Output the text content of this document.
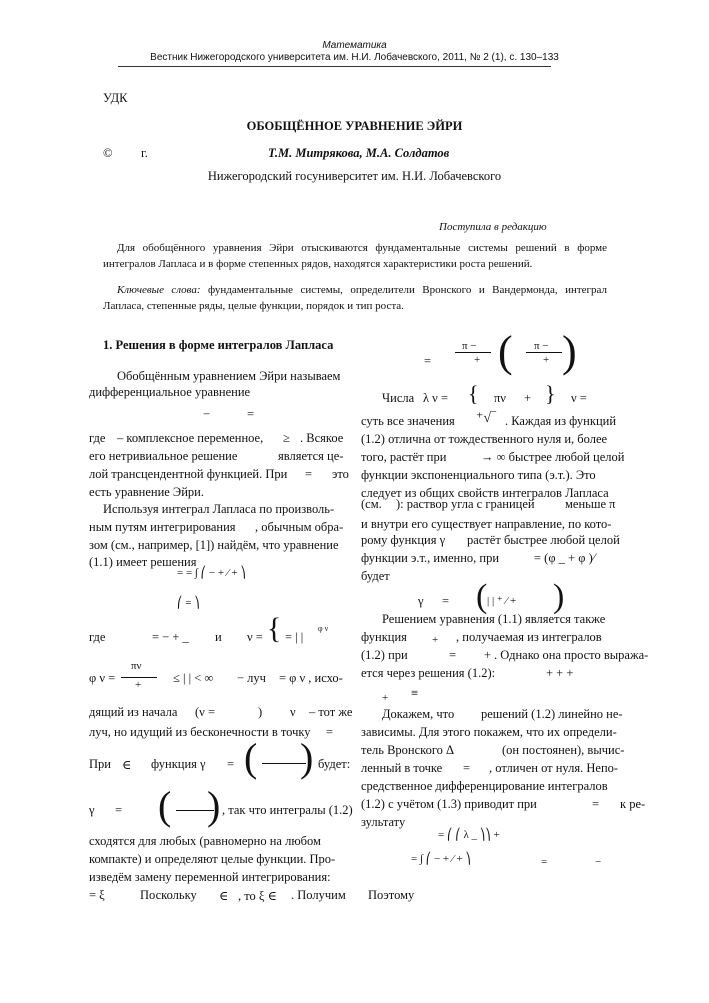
Математика
Вестник Нижегородского университета им. Н.И. Лобачевского, 2011, № 2 (1), с. 130–133
УДК
ОБОБЩЁННОЕ УРАВНЕНИЕ ЭЙРИ
© г.	Т.М. Митрякова, М.А. Солдатов
Нижегородский госуниверситет им. Н.И. Лобачевского
Поступила в редакцию
Для обобщённого уравнения Эйри отыскиваются фундаментальные системы решений в форме интегралов Лапласа и в форме степенных рядов, находятся характеристики роста решений.
Ключевые слова: фундаментальные системы, определители Вронского и Вандермонда, интеграл Лапласа, степенные ряды, целые функции, порядок и тип роста.
1. Решения в форме интегралов Лапласа
Обобщённым уравнением Эйри называем
дифференциальное уравнение
−	=
где – комплексное переменное, ≥ . Всякое
его нетривиальное решение	является це-
лой трансцендентной функцией. При = это
есть уравнение Эйри.
Используя интеграл Лапласа по произволь-
ным путям интегрирования , обычным обра-
зом (см., например, [1]) найдём, что уравнение
(1.1) имеет решения
= = ∫ ⎛ − + ⁄ + ⎞
⎛ = ⎞
где	= − + _ и ν = { = | |
φ ν
φ ν =
πν
+	≤ | | < ∞ − луч = φ ν , исхо-
дящий из начала (ν =	) ν – тот же
луч, но идущий из бесконечности в точку =
При ∈ функция γ = ( ) будет:
γ = ( ) , так что интегралы (1.2)
сходятся для любых (равномерно на любом
компакте) и определяют целые функции. Про-
изведём замену переменной интегрирования:
= ξ	Поскольку ∈ , то ξ ∈ . Получим
π −	π −
=	+	+
( )
Числа λ ν = { πν + } ν =
суть все значения ⁺√‾ . Каждая из функций
(1.2) отлична от тождественного нуля и, более
того, растёт при	→ ∞ быстрее любой целой
функции экспоненциального типа (э.т.). Это
следует из общих свойств интегралов Лапласа
(см. ): раствор угла с границей меньше π
и внутри его существует направление, по кото-
рому функция γ растёт быстрее любой целой
функции э.т., именно, при	= (φ _ + φ )⁄
будет
γ = ( | | ⁺ ⁄ + )
Решением уравнения (1.1) является также
функция + , получаемая из интегралов
(1.2) при	= + . Однако она просто выража-
ется через решения (1.2):	+ + +
+ ≡
Докажем, что решений (1.2) линейно не-
зависимы. Для этого покажем, что их определи-
тель Вронского Δ	(он постоянен), вычис-
ленный в точке = , отличен от нуля. Непо-
средственное дифференцирование интегралов
(1.2) с учётом (1.3) приводит при	= к ре-
зультату
= ⎛ ⎛ λ _ ⎞⎞ +
= ∫ ⎛ − + ⁄ + ⎞	=	−
Поэтому
